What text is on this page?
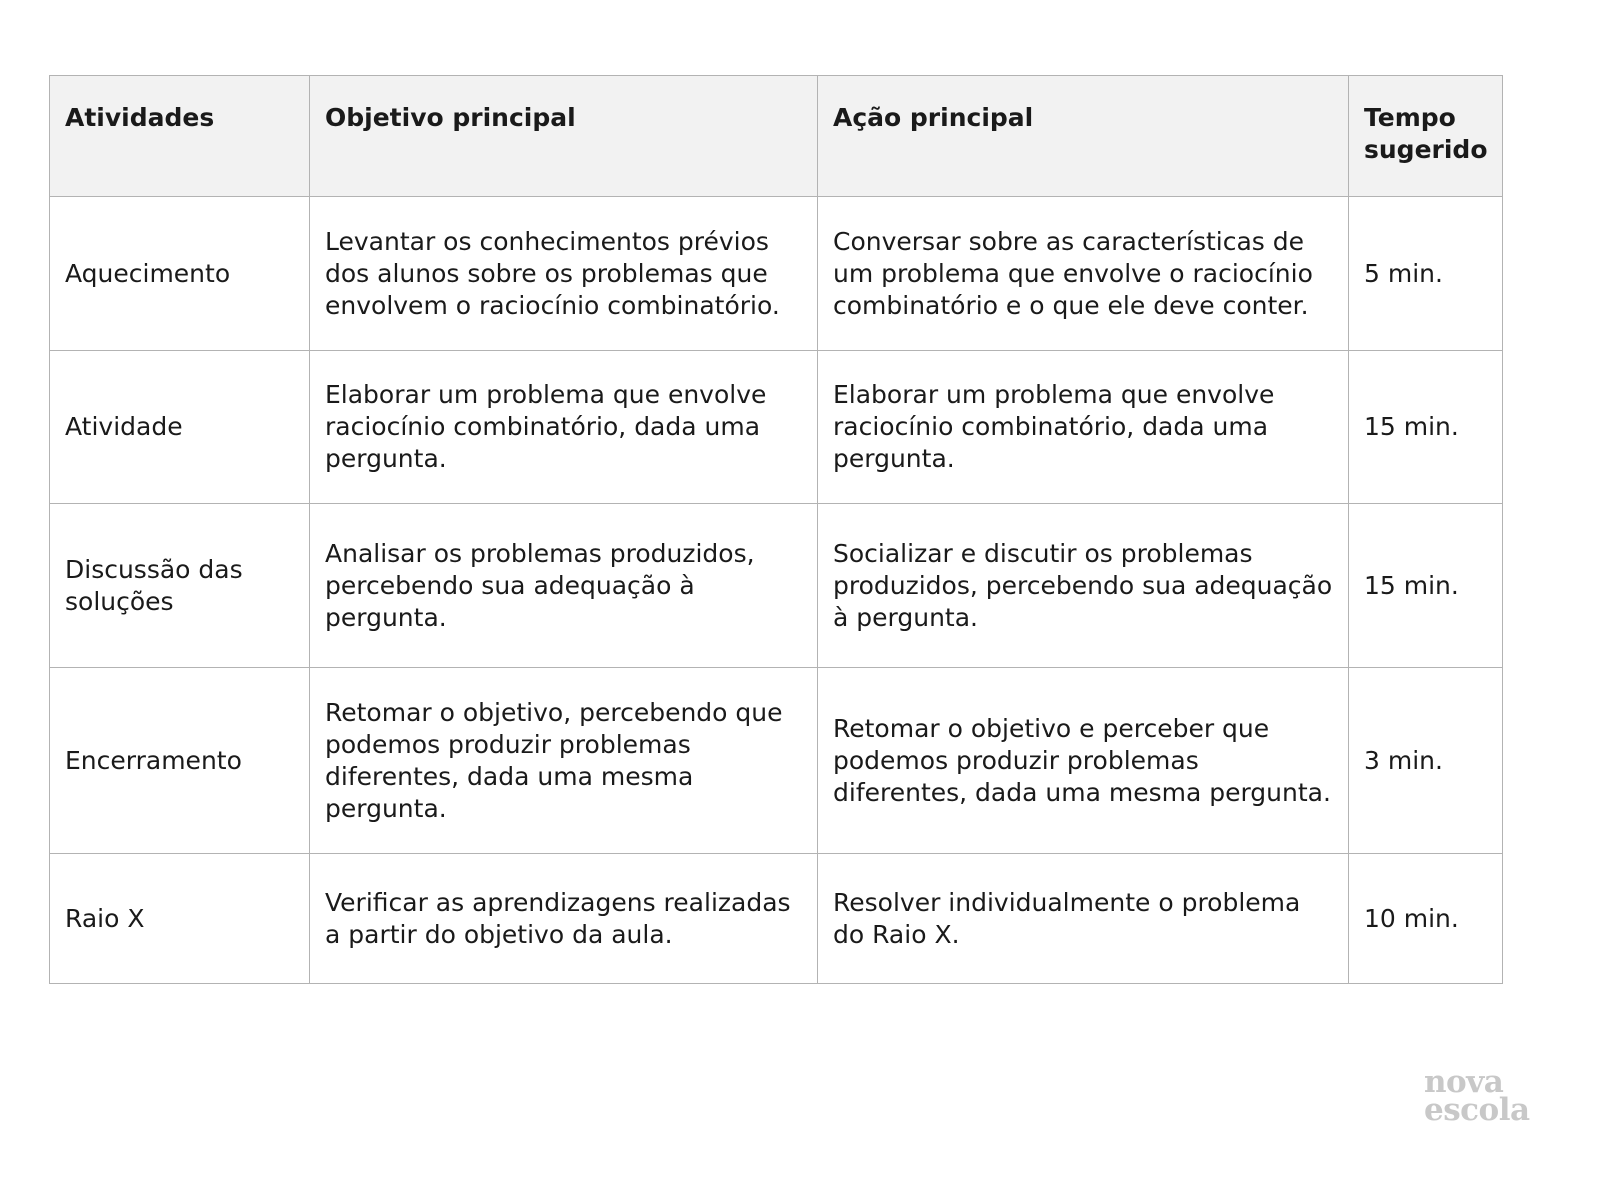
Atividades	Objetivo principal	Ação principal	Tempo sugerido
Aquecimento	Levantar os conhecimentos prévios dos alunos sobre os problemas que envolvem o raciocínio combinatório.	Conversar sobre as características de um problema que envolve o raciocínio combinatório e o que ele deve conter.	5 min.
Atividade	Elaborar um problema que envolve raciocínio combinatório, dada uma pergunta.	Elaborar um problema que envolve raciocínio combinatório, dada uma pergunta.	15 min.
Discussão das soluções	Analisar os problemas produzidos, percebendo sua adequação à pergunta.	Socializar e discutir os problemas produzidos, percebendo sua adequação à pergunta.	15 min.
Encerramento	Retomar o objetivo, percebendo que podemos produzir problemas diferentes, dada uma mesma pergunta.	Retomar o objetivo e perceber que podemos produzir problemas diferentes, dada uma mesma pergunta.	3 min.
Raio X	Verificar as aprendizagens realizadas a partir do objetivo da aula.	Resolver individualmente o problema do Raio X.	10 min.
nova
escola
